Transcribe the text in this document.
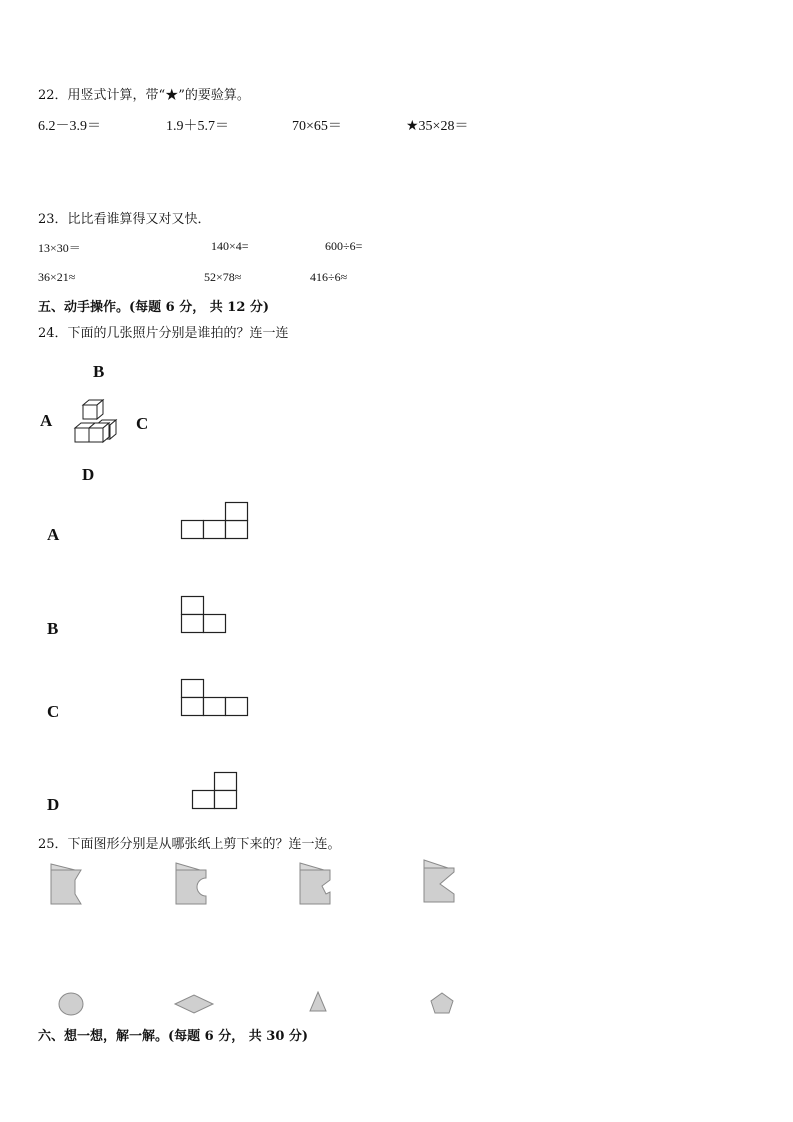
22．用竖式计算，带“★”的要验算。
6.2－3.9＝	1.9＋5.7＝	70×65＝	★35×28＝
23．比比看谁算得又对又快．
13×30＝	140×4=	600÷6=
36×21≈	52×78≈	416÷6≈
五、动手操作。(每题 6 分， 共 12 分)
24．下面的几张照片分别是谁拍的？连一连
B
A	C
D
A
B
C
D
25．下面图形分别是从哪张纸上剪下来的？连一连。
六、想一想，解一解。(每题 6 分， 共 30 分)
